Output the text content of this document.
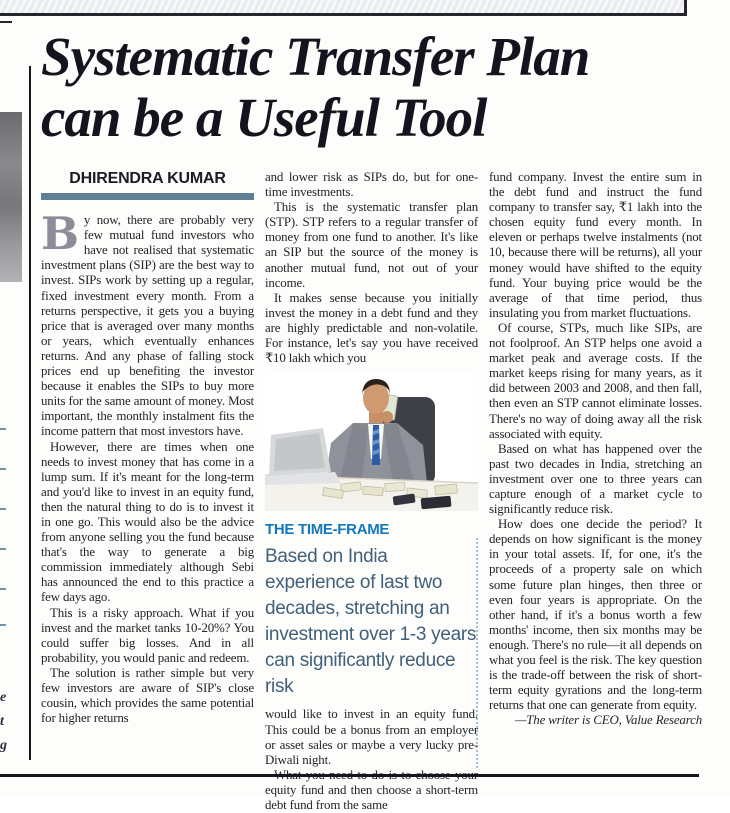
e
t
g
Systematic Transfer Plan
can be a Useful Tool
DHIRENDRA KUMAR

By now, there are probably very few mutual fund investors who have not realised that systematic investment plans (SIP) are the best way to invest. SIPs work by setting up a regular, fixed investment every month. From a returns perspective, it gets you a buying price that is averaged over many months or years, which eventually enhances returns. And any phase of falling stock prices end up benefiting the investor because it enables the SIPs to buy more units for the same amount of money. Most important, the monthly instalment fits the income pattern that most investors have.

However, there are times when one needs to invest money that has come in a lump sum. If it's meant for the long-term and you'd like to invest in an equity fund, then the natural thing to do is to invest it in one go. This would also be the advice from anyone selling you the fund because that's the way to generate a big commission immediately although Sebi has announced the end to this practice a few days ago.

This is a risky approach. What if you invest and the market tanks 10-20%? You could suffer big losses. And in all probability, you would panic and redeem.

The solution is rather simple but very few investors are aware of SIP's close cousin, which provides the same potential for higher returns

and lower risk as SIPs do, but for one-time investments.

This is the systematic transfer plan (STP). STP refers to a regular transfer of money from one fund to another. It's like an SIP but the source of the money is another mutual fund, not out of your income.

It makes sense because you initially invest the money in a debt fund and they are highly predictable and non-volatile. For instance, let's say you have received ₹10 lakh which you

THE TIME-FRAME
Based on India experience of last two decades, stretching an investment over 1-3 years can significantly reduce risk

would like to invest in an equity fund. This could be a bonus from an employer or asset sales or maybe a very lucky pre-Diwali night.

equity fund and then choose a short-term debt fund from the same

fund company. Invest the entire sum in the debt fund and instruct the fund company to transfer say, ₹1 lakh into the chosen equity fund every month. In eleven or perhaps twelve instalments (not 10, because there will be returns), all your money would have shifted to the equity fund. Your buying price would be the average of that time period, thus insulating you from market fluctuations.

Of course, STPs, much like SIPs, are not foolproof. An STP helps one avoid a market peak and average costs. If the market keeps rising for many years, as it did between 2003 and 2008, and then fall, then even an STP cannot eliminate losses. There's no way of doing away all the risk associated with equity.

Based on what has happened over the past two decades in India, stretching an investment over one to three years can capture enough of a market cycle to significantly reduce risk.

How does one decide the period? It depends on how significant is the money in your total assets. If, for one, it's the proceeds of a property sale on which some future plan hinges, then three or even four years is appropriate. On the other hand, if it's a bonus worth a few months' income, then six months may be enough. There's no rule—it all depends on what you feel is the risk. The key question is the trade-off between the risk of short-term equity gyrations and the long-term returns that one can generate from equity.

—The writer is CEO, Value Research
